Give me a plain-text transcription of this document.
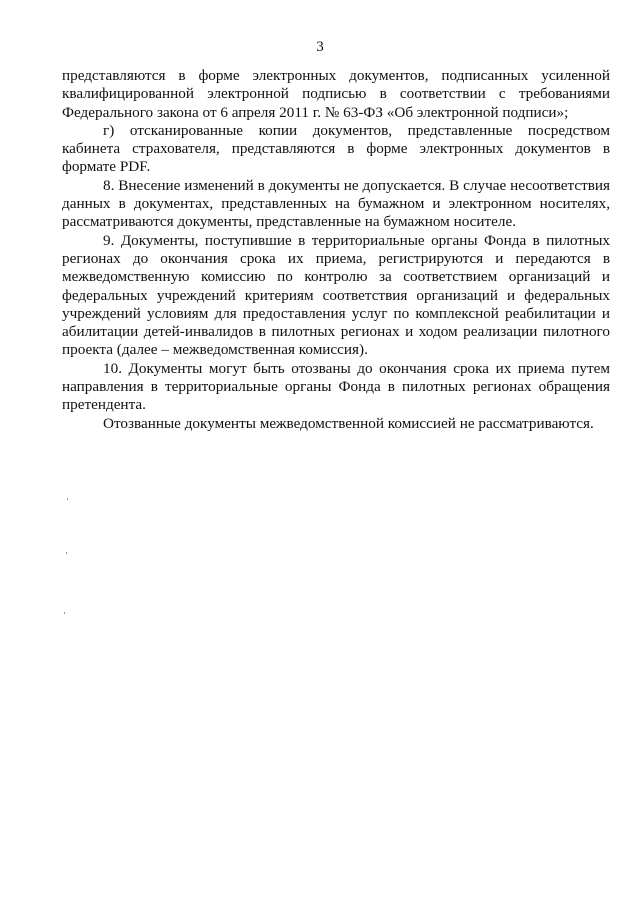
3

представляются в форме электронных документов, подписанных усиленной квалифицированной электронной подписью в соответствии с требованиями Федерального закона от 6 апреля 2011 г. № 63-ФЗ «Об электронной подписи»;

г) отсканированные копии документов, представленные посредством кабинета страхователя, представляются в форме электронных документов в формате PDF.

8. Внесение изменений в документы не допускается. В случае несоответствия данных в документах, представленных на бумажном и электронном носителях, рассматриваются документы, представленные на бумажном носителе.

9. Документы, поступившие в территориальные органы Фонда в пилотных регионах до окончания срока их приема, регистрируются и передаются в межведомственную комиссию по контролю за соответствием организаций и федеральных учреждений критериям соответствия организаций и федеральных учреждений условиям для предоставления услуг по комплексной реабилитации и абилитации детей-инвалидов в пилотных регионах и ходом реализации пилотного проекта (далее – межведомственная комиссия).

10. Документы могут быть отозваны до окончания срока их приема путем направления в территориальные органы Фонда в пилотных регионах обращения претендента.

Отозванные документы межведомственной комиссией не рассматриваются.
